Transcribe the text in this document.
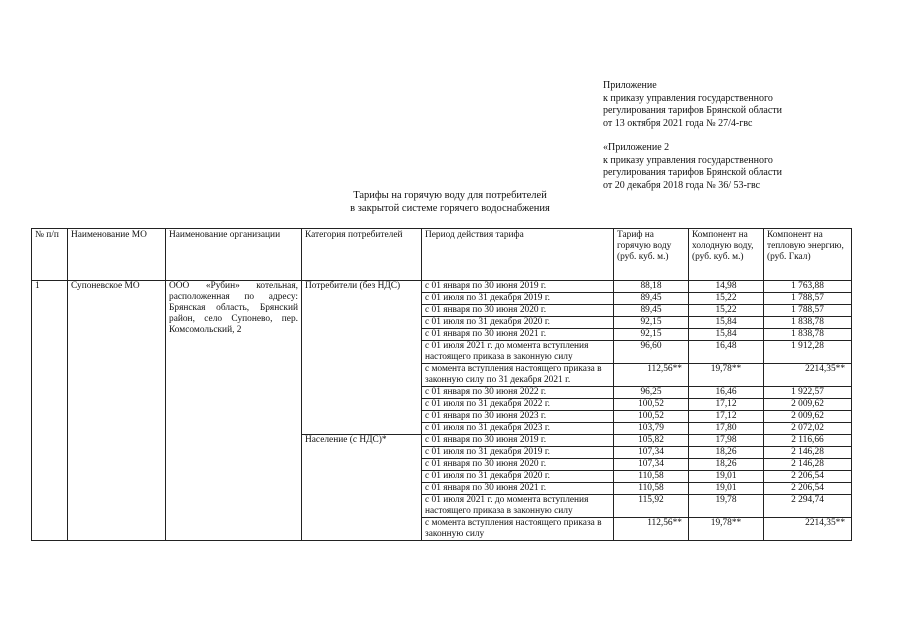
Приложение
к приказу управления государственного
регулирования тарифов Брянской области
от 13 октября 2021 года № 27/4-гвс
«Приложение 2
к приказу управления государственного
регулирования тарифов Брянской области
от 20 декабря 2018 года № 36/ 53-гвс
Тарифы на горячую воду для потребителей
в закрытой системе горячего водоснабжения
№ п/п	Наименование МО	Наименование организации	Категория потребителей	Период действия тарифа	Тариф на горячую воду (руб. куб. м.)	Компонент на холодную воду, (руб. куб. м.)	Компонент на тепловую энергию, (руб. Гкал)
1	Супоневское МО	ООО «Рубин» котельная, расположенная по адресу: Брянская область, Брянский район, село Супонево, пер. Комсомольский, 2	Потребители (без НДС)	с 01 января по 30 июня 2019 г.	88,18	14,98	1 763,88
				с 01 июля по 31 декабря 2019 г.	89,45	15,22	1 788,57
				с 01 января по 30 июня 2020 г.	89,45	15,22	1 788,57
				с 01 июля по 31 декабря 2020 г.	92,15	15,84	1 838,78
				с 01 января по 30 июня 2021 г.	92,15	15,84	1 838,78
				с 01 июля 2021 г. до момента вступления настоящего приказа в законную силу	96,60	16,48	1 912,28
				с момента вступления настоящего приказа в законную силу по 31 декабря 2021 г.	112,56**	19,78**	2214,35**
				с 01 января по 30 июня 2022 г.	96,25	16,46	1 922,57
				с 01 июля по 31 декабря 2022 г.	100,52	17,12	2 009,62
				с 01 января по 30 июня 2023 г.	100,52	17,12	2 009,62
				с 01 июля по 31 декабря 2023 г.	103,79	17,80	2 072,02
			Население (с НДС)*	с 01 января по 30 июня 2019 г.	105,82	17,98	2 116,66
				с 01 июля по 31 декабря 2019 г.	107,34	18,26	2 146,28
				с 01 января по 30 июня 2020 г.	107,34	18,26	2 146,28
				с 01 июля по 31 декабря 2020 г.	110,58	19,01	2 206,54
				с 01 января по 30 июня 2021 г.	110,58	19,01	2 206,54
				с 01 июля 2021 г. до момента вступления настоящего приказа в законную силу	115,92	19,78	2 294,74
				с момента вступления настоящего приказа в законную силу	112,56**	19,78**	2214,35**
